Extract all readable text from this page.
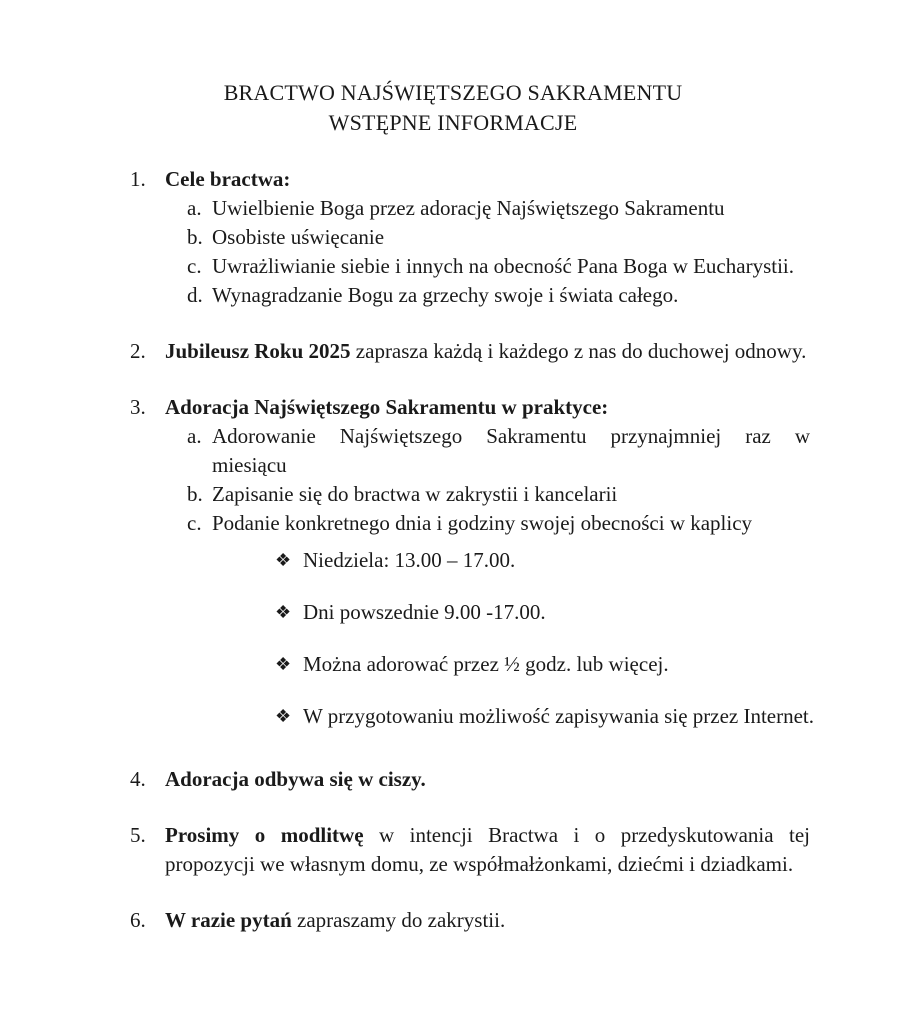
BRACTWO NAJŚWIĘTSZEGO SAKRAMENTU
WSTĘPNE INFORMACJE
1. Cele bractwa:
a. Uwielbienie Boga przez adorację Najświętszego Sakramentu
b. Osobiste uświęcanie
c. Uwrażliwianie siebie i innych na obecność Pana Boga w Eucharystii.
d. Wynagradzanie Bogu za grzechy swoje i świata całego.
2. Jubileusz Roku 2025 zaprasza każdą i każdego z nas do duchowej odnowy.
3. Adoracja Najświętszego Sakramentu w praktyce:
a. Adorowanie Najświętszego Sakramentu przynajmniej raz w
miesiącu
b. Zapisanie się do bractwa w zakrystii i kancelarii
c. Podanie konkretnego dnia i godziny swojej obecności w kaplicy
❖ Niedziela: 13.00 – 17.00.
❖ Dni powszednie 9.00 -17.00.
❖ Można adorować przez ½ godz. lub więcej.
❖ W przygotowaniu możliwość zapisywania się przez Internet.
4. Adoracja odbywa się w ciszy.
5. Prosimy o modlitwę w intencji Bractwa i o przedyskutowania tej
propozycji we własnym domu, ze współmałżonkami, dziećmi i dziadkami.
6. W razie pytań zapraszamy do zakrystii.
